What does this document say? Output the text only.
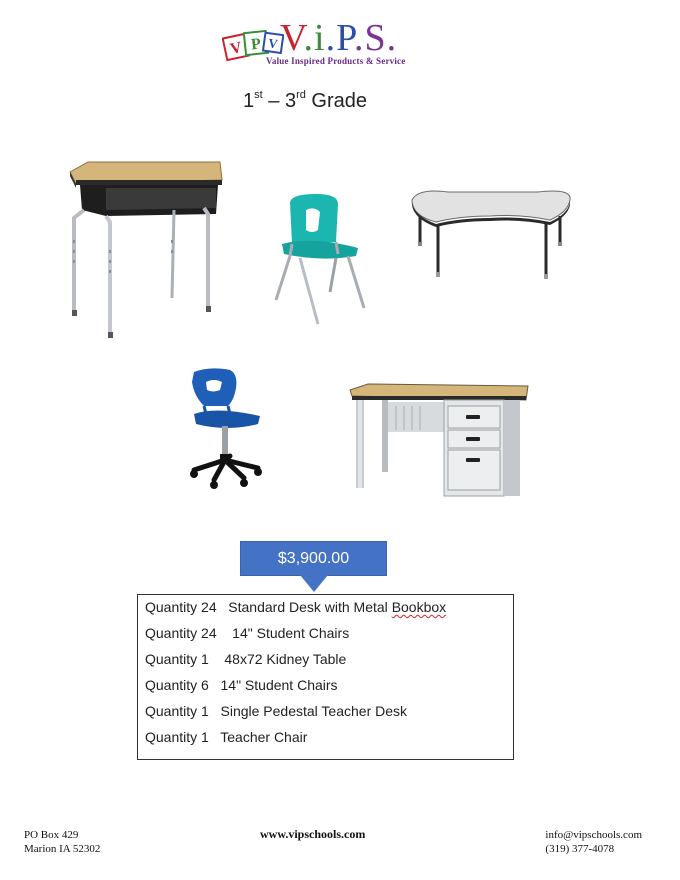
V P V V.i.P.S.
Value Inspired Products & Service
1st – 3rd Grade
$3,900.00
Quantity 24   Standard Desk with Metal Bookbox
Quantity 24    14" Student Chairs
Quantity 1    48x72 Kidney Table
Quantity 6   14" Student Chairs
Quantity 1   Single Pedestal Teacher Desk
Quantity 1   Teacher Chair
PO Box 429
Marion IA 52302
www.vipschools.com	info@vipschools.com
(319) 377-4078
